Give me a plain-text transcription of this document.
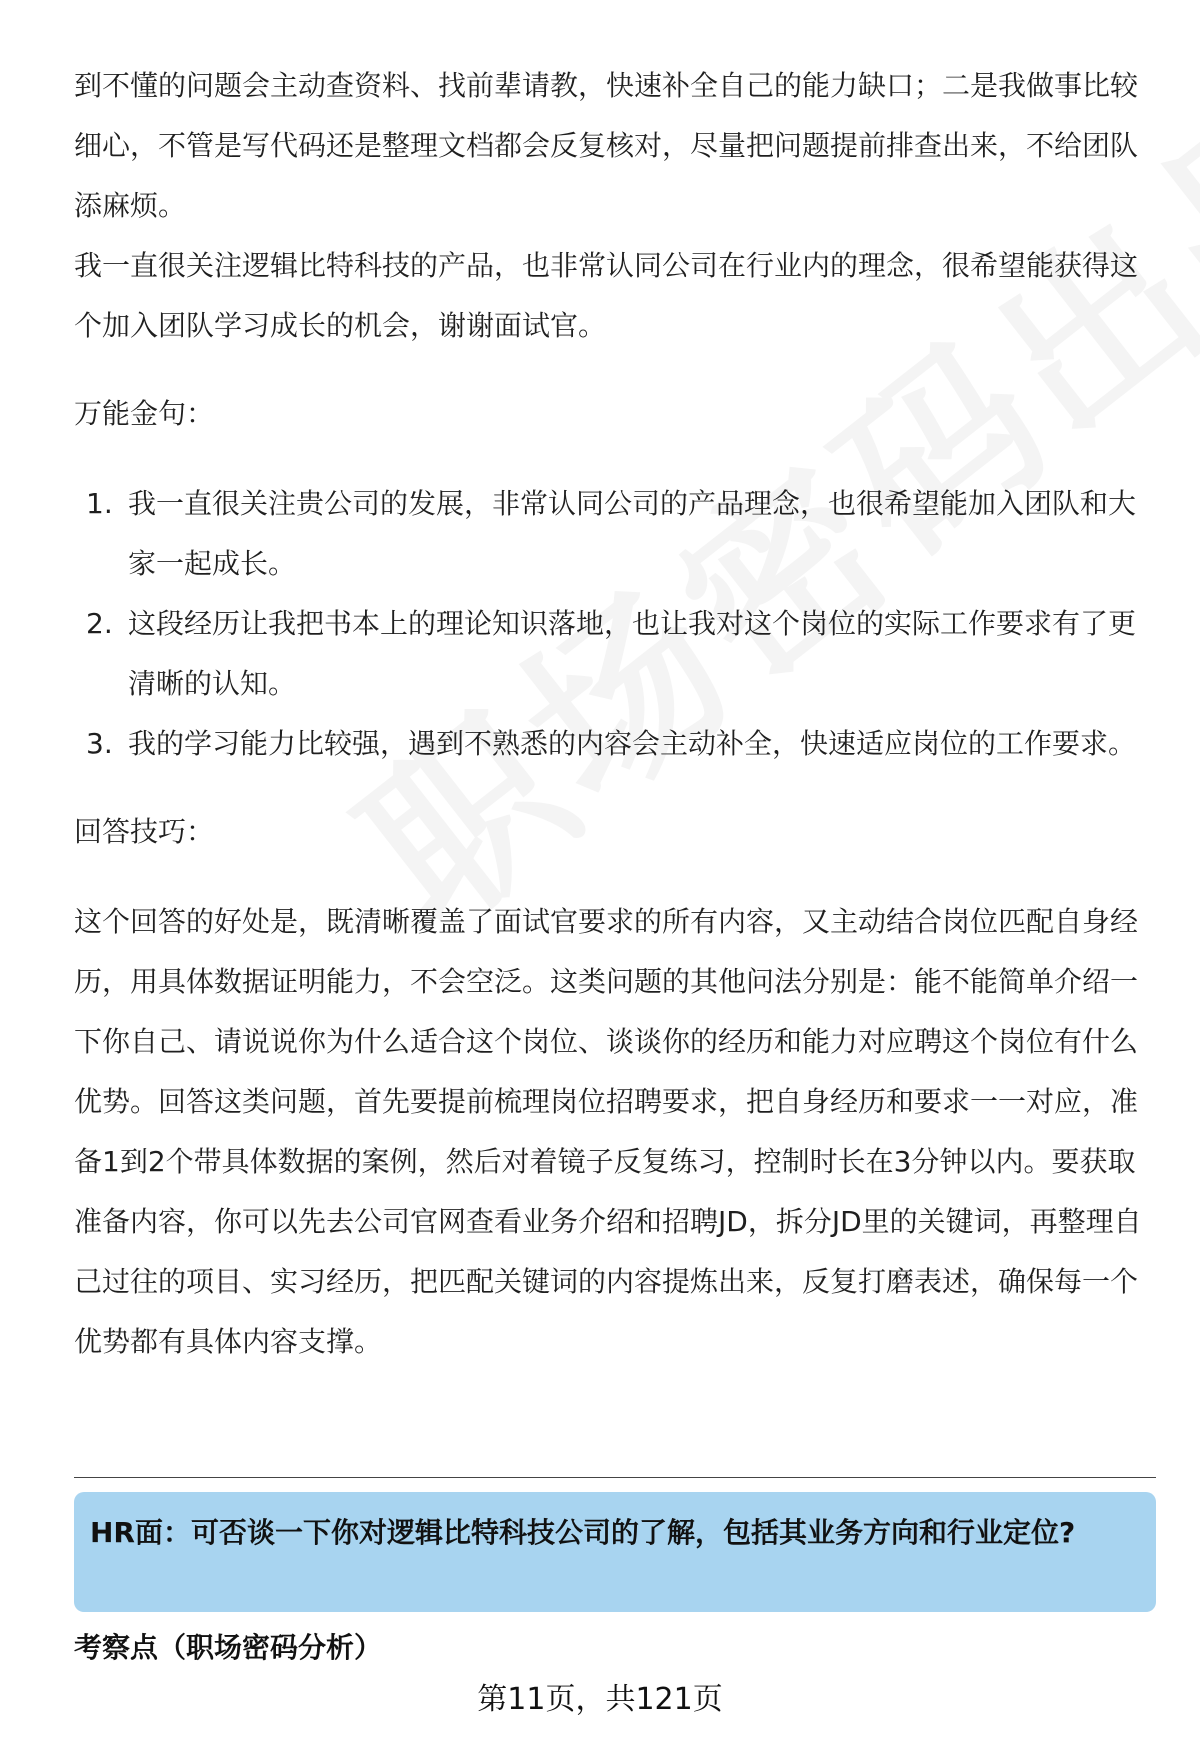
到不懂的问题会主动查资料、找前辈请教，快速补全自己的能力缺口；二是我做事比较细心，不管是写代码还是整理文档都会反复核对，尽量把问题提前排查出来，不给团队添麻烦。

我一直很关注逻辑比特科技的产品，也非常认同公司在行业内的理念，很希望能获得这个加入团队学习成长的机会，谢谢面试官。

万能金句：
1. 我一直很关注贵公司的发展，非常认同公司的产品理念，也很希望能加入团队和大家一起成长。
2. 这段经历让我把书本上的理论知识落地，也让我对这个岗位的实际工作要求有了更清晰的认知。
3. 我的学习能力比较强，遇到不熟悉的内容会主动补全，快速适应岗位的工作要求。
回答技巧：

这个回答的好处是，既清晰覆盖了面试官要求的所有内容，又主动结合岗位匹配自身经历，用具体数据证明能力，不会空泛。这类问题的其他问法分别是：能不能简单介绍一下你自己、请说说你为什么适合这个岗位、谈谈你的经历和能力对应聘这个岗位有什么优势。回答这类问题，首先要提前梳理岗位招聘要求，把自身经历和要求一一对应，准备1到2个带具体数据的案例，然后对着镜子反复练习，控制时长在3分钟以内。要获取准备内容，你可以先去公司官网查看业务介绍和招聘JD，拆分JD里的关键词，再整理自己过往的项目、实习经历，把匹配关键词的内容提炼出来，反复打磨表述，确保每一个优势都有具体内容支撑。

HR面：可否谈一下你对逻辑比特科技公司的了解，包括其业务方向和行业定位?
考察点（职场密码分析）
第11页，共121页
